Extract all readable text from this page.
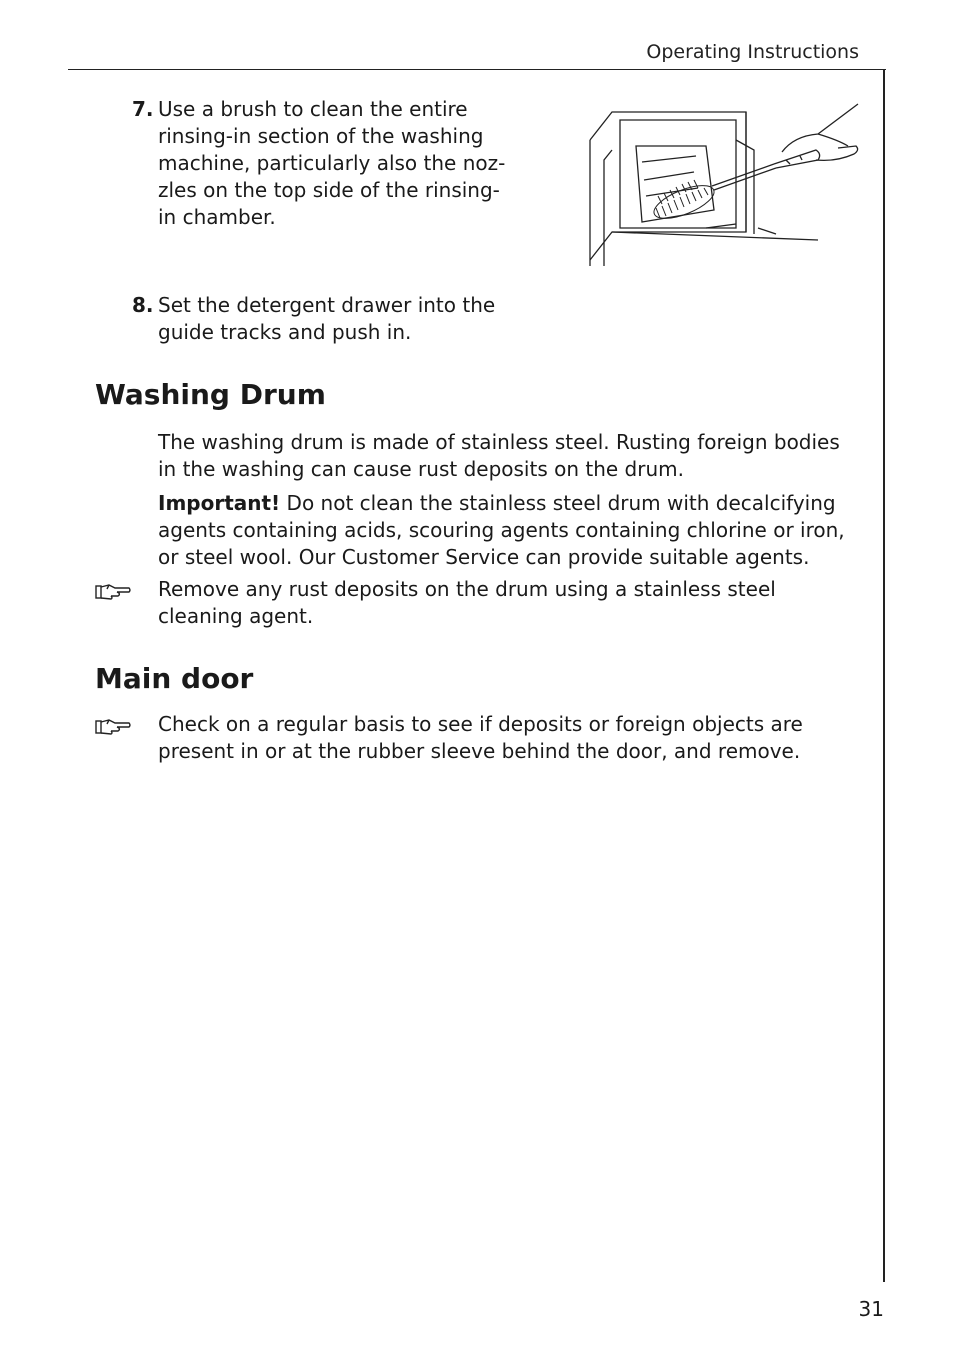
Operating Instructions
7. Use a brush to clean the entire rinsing-in section of the washing machine, particularly also the noz-zles on the top side of the rinsing-in chamber.
8. Set the detergent drawer into the guide tracks and push in.
Washing Drum

The washing drum is made of stainless steel. Rusting foreign bodies in the washing can cause rust deposits on the drum.

Important! Do not clean the stainless steel drum with decalcifying agents containing acids, scouring agents containing chlorine or iron, or steel wool. Our Customer Service can provide suitable agents.

Remove any rust deposits on the drum using a stainless steel cleaning agent.

Main door

Check on a regular basis to see if deposits or foreign objects are present in or at the rubber sleeve behind the door, and remove.

31
